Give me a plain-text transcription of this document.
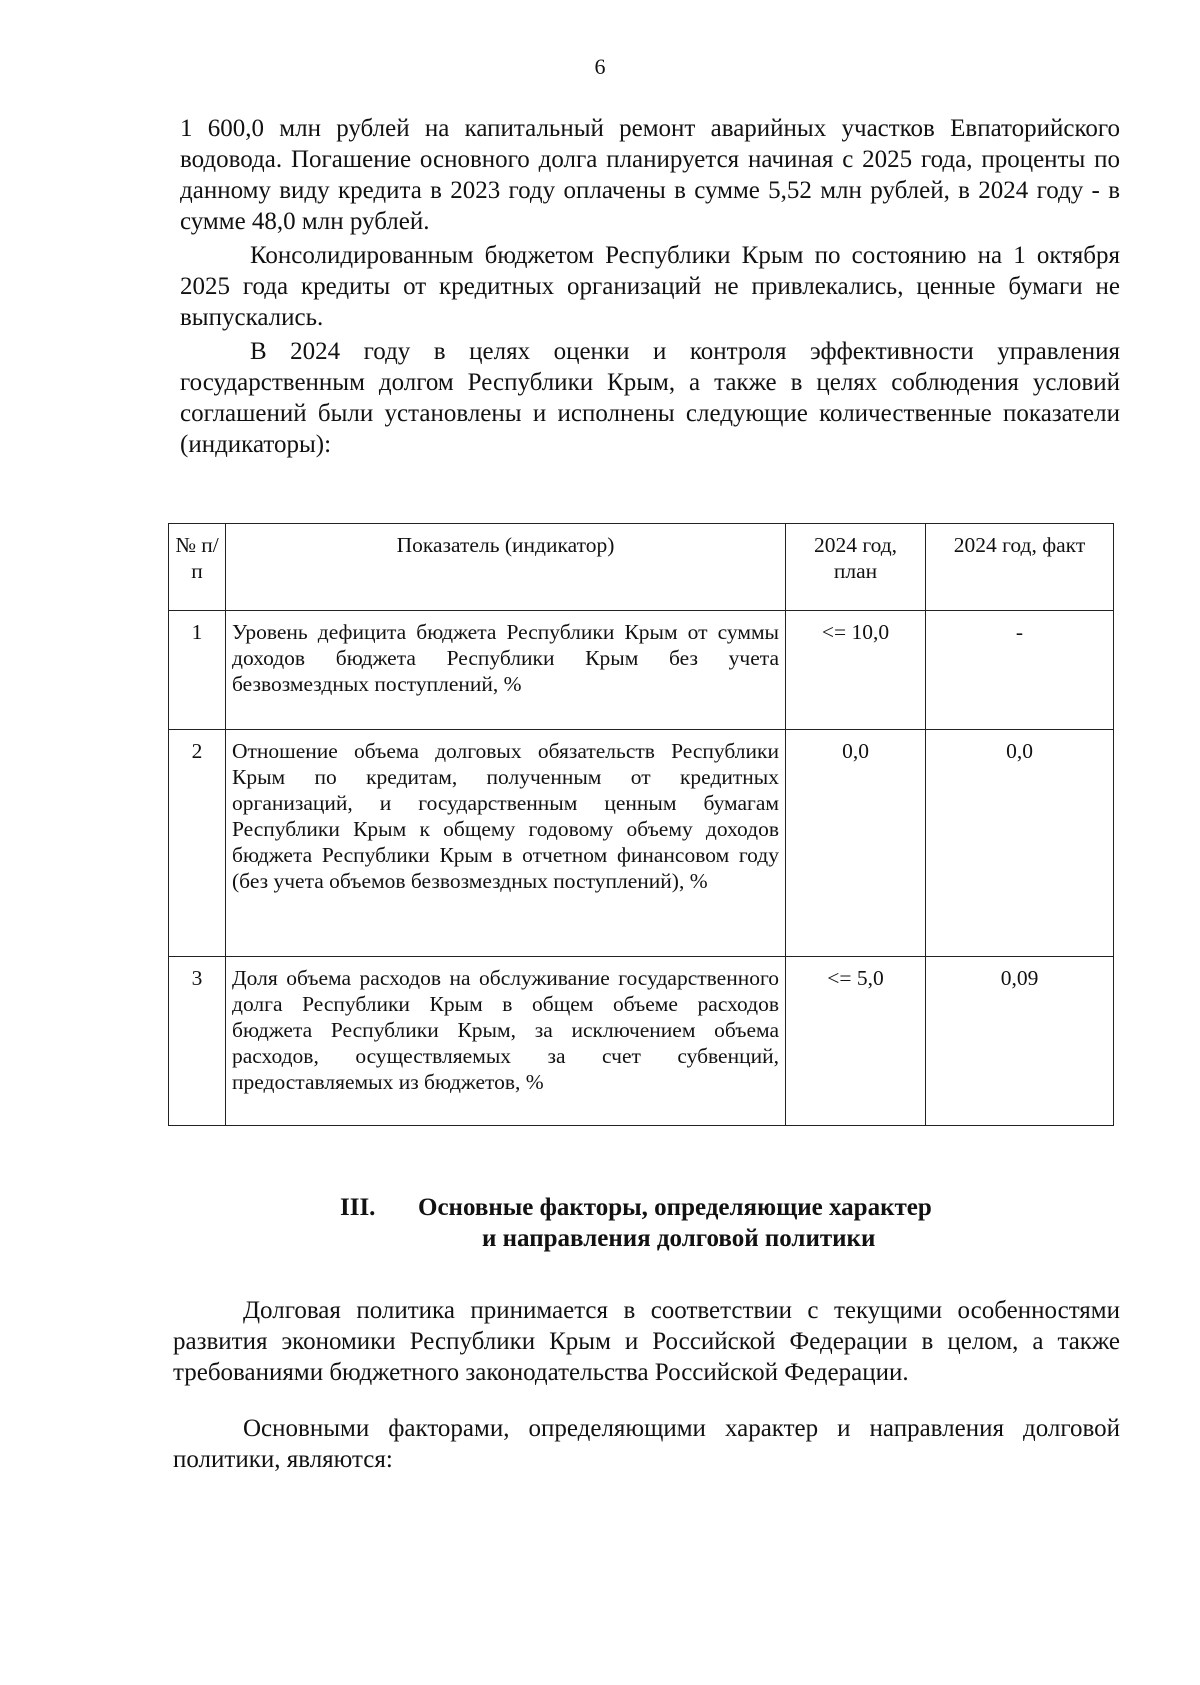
6

1 600,0 млн рублей на капитальный ремонт аварийных участков Евпаторийского водовода. Погашение основного долга планируется начиная с 2025 года, проценты по данному виду кредита в 2023 году оплачены в сумме 5,52 млн рублей, в 2024 году - в сумме 48,0 млн рублей.

Консолидированным бюджетом Республики Крым по состоянию на 1 октября 2025 года кредиты от кредитных организаций не привлекались, ценные бумаги не выпускались.

В 2024 году в целях оценки и контроля эффективности управления государственным долгом Республики Крым, а также в целях соблюдения условий соглашений были установлены и исполнены следующие количественные показатели (индикаторы):

№ п/п	Показатель (индикатор)	2024 год, план	2024 год, факт
1	Уровень дефицита бюджета Республики Крым от суммы доходов бюджета Республики Крым без учета безвозмездных поступлений, %	<= 10,0	-
2	Отношение объема долговых обязательств Республики Крым по кредитам, полученным от кредитных организаций, и государственным ценным бумагам Республики Крым к общему годовому объему доходов бюджета Республики Крым в отчетном финансовом году (без учета объемов безвозмездных поступлений), %	0,0	0,0
3	Доля объема расходов на обслуживание государственного долга Республики Крым в общем объеме расходов бюджета Республики Крым, за исключением объема расходов, осуществляемых за счет субвенций, предоставляемых из бюджетов, %	<= 5,0	0,09
III. Основные факторы, определяющие характер
и направления долговой политики

Долговая политика принимается в соответствии с текущими особенностями развития экономики Республики Крым и Российской Федерации в целом, а также требованиями бюджетного законодательства Российской Федерации.

Основными факторами, определяющими характер и направления долговой политики, являются:
